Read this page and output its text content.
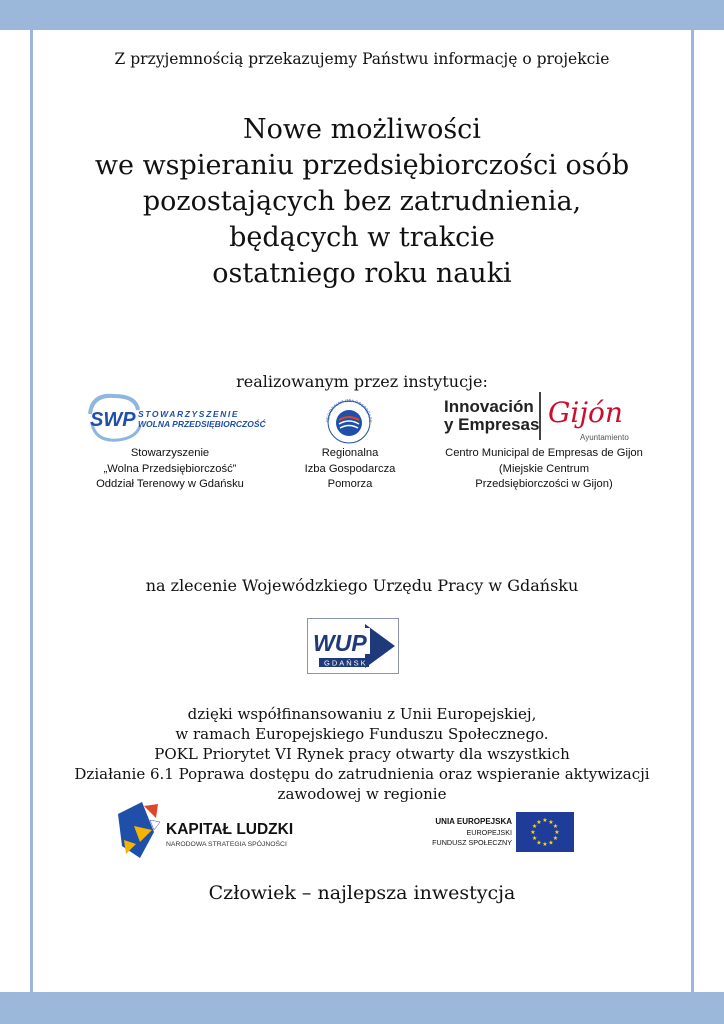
Z przyjemnością przekazujemy Państwu informację o projekcie
Nowe możliwości
we wspieraniu przedsiębiorczości osób
pozostających bez zatrudnienia,
będących w trakcie
ostatniego roku nauki
realizowanym przez instytucje:
SWP STOWARZYSZENIE
WOLNA PRZEDSIĘBIORCZOŚĆ	REGIONALNA IZBA GOSPODARC
Innovación
y Empresas Gijón
Ayuntamiento
Stowarzyszenie
„Wolna Przedsiębiorczość”
Oddział Terenowy w Gdańsku
Regionalna
Izba Gospodarcza
Pomorza
Centro Municipal de Empresas de Gijon
(Miejskie Centrum
Przedsiębiorczości w Gijon)
na zlecenie Wojewódzkiego Urzędu Pracy w Gdańsku
WUP
GDAŃSK
dzięki współfinansowaniu z Unii Europejskiej,
w ramach Europejskiego Funduszu Społecznego.
POKL Priorytet VI Rynek pracy otwarty dla wszystkich
Działanie 6.1 Poprawa dostępu do zatrudnienia oraz wspieranie aktywizacji
zawodowej w regionie
KAPITAŁ LUDZKI
NARODOWA STRATEGIA SPÓJNOŚCI
UNIA EUROPEJSKA
EUROPEJSKI
FUNDUSZ SPOŁECZNY
★ ★
★
★
★
★
★
★
★
★
★
★
Człowiek – najlepsza inwestycja
